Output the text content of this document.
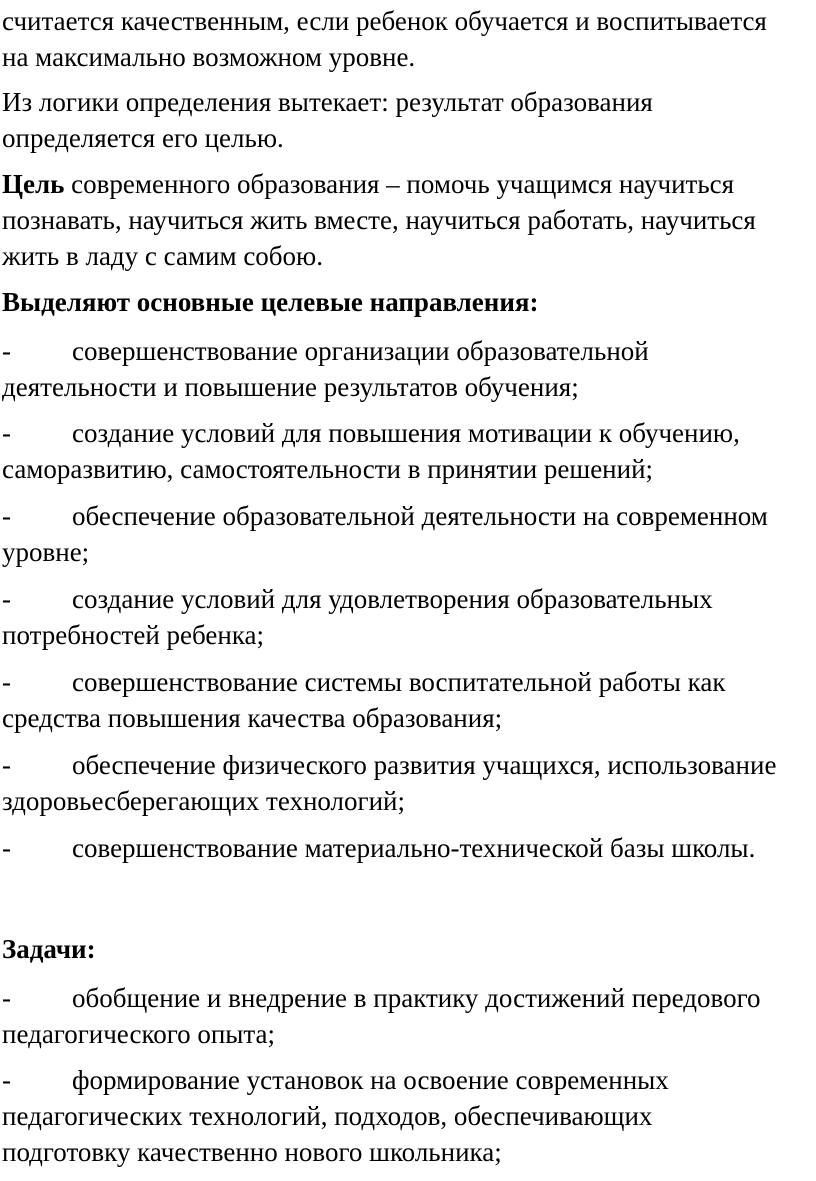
считается качественным, если ребенок обучается и воспитывается
на максимально возможном уровне.

Из логики определения вытекает: результат образования
определяется его целью.

Цель современного образования – помочь учащимся научиться
познавать, научиться жить вместе, научиться работать, научиться
жить в ладу с самим собою.

Выделяют основные целевые направления:

- совершенствование организации образовательной
деятельности и повышение результатов обучения;

- создание условий для повышения мотивации к обучению,
саморазвитию, самостоятельности в принятии решений;

- обеспечение образовательной деятельности на современном
уровне;

- создание условий для удовлетворения образовательных
потребностей ребенка;

- совершенствование системы воспитательной работы как
средства повышения качества образования;

- обеспечение физического развития учащихся, использование
здоровьесберегающих технологий;

- совершенствование материально-технической базы школы.

Задачи:

- обобщение и внедрение в практику достижений передового
педагогического опыта;

- формирование установок на освоение современных
педагогических технологий, подходов, обеспечивающих
подготовку качественно нового школьника;
